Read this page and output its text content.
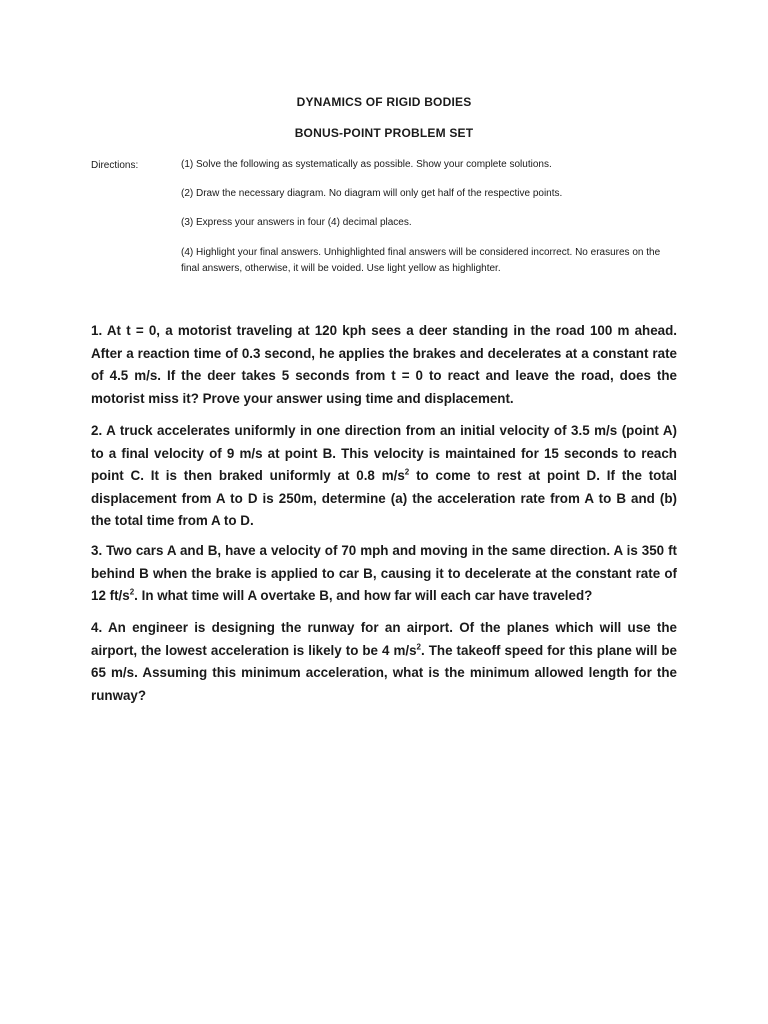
DYNAMICS OF RIGID BODIES
BONUS-POINT PROBLEM SET
Directions:	(1) Solve the following as systematically as possible. Show your complete solutions.
(2) Draw the necessary diagram. No diagram will only get half of the respective points.
(3) Express your answers in four (4) decimal places.
(4) Highlight your final answers. Unhighlighted final answers will be considered incorrect. No erasures on the final answers, otherwise, it will be voided. Use light yellow as highlighter.
1. At t = 0, a motorist traveling at 120 kph sees a deer standing in the road 100 m ahead. After a reaction time of 0.3 second, he applies the brakes and decelerates at a constant rate of 4.5 m/s. If the deer takes 5 seconds from t = 0 to react and leave the road, does the motorist miss it? Prove your answer using time and displacement.
2. A truck accelerates uniformly in one direction from an initial velocity of 3.5 m/s (point A) to a final velocity of 9 m/s at point B. This velocity is maintained for 15 seconds to reach point C. It is then braked uniformly at 0.8 $m/s^2$ to come to rest at point D. If the total displacement from A to D is 250m, determine (a) the acceleration rate from A to B and (b) the total time from A to D.
3. Two cars A and B, have a velocity of 70 mph and moving in the same direction. A is 350 ft behind B when the brake is applied to car B, causing it to decelerate at the constant rate of 12 $ft/s^2$. In what time will A overtake B, and how far will each car have traveled?
4. An engineer is designing the runway for an airport. Of the planes which will use the airport, the lowest acceleration is likely to be 4 $m/s^2$. The takeoff speed for this plane will be 65 m/s. Assuming this minimum acceleration, what is the minimum allowed length for the runway?
